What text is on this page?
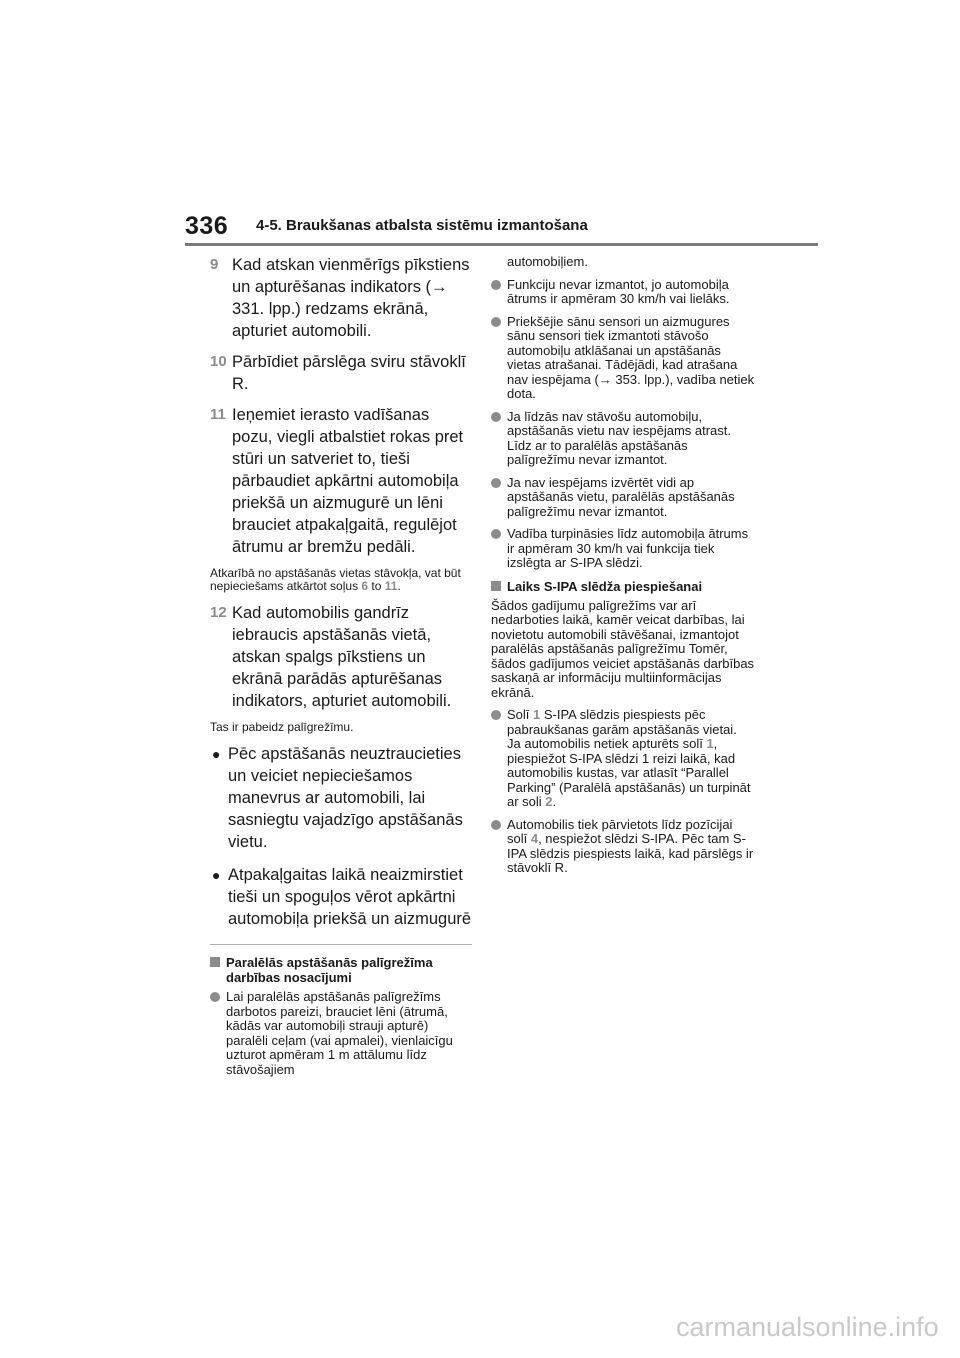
336 4-5. Braukšanas atbalsta sistēmu izmantošana
9 Kad atskan vienmērīgs pīkstiens un apturēšanas indikators (→ 331. lpp.) redzams ekrānā, apturiet automobili.
10 Pārbīdiet pārslēga sviru stāvoklī R.
11 Ieņemiet ierasto vadīšanas pozu, viegli atbalstiet rokas pret stūri un satveriet to, tieši pārbaudiet apkārtni automobiļa priekšā un aizmugurē un lēni brauciet atpakaļgaitā, regulējot ātrumu ar bremžu pedāli.
Atkarībā no apstāšanās vietas stāvokļa, vat būt nepieciešams atkārtot soļus 6 to 11.
12 Kad automobilis gandrīz iebraucis apstāšanās vietā, atskan spalgs pīkstiens un ekrānā parādās apturēšanas indikators, apturiet automobili.
Tas ir pabeidz palīgrežīmu.
● Pēc apstāšanās neuztraucieties un veiciet nepieciešamos manevrus ar automobili, lai sasniegtu vajadzīgo apstāšanās vietu.
● Atpakaļgaitas laikā neaizmirstiet tieši un spoguļos vērot apkārtni automobiļa priekšā un aizmugurē
Paralēlās apstāšanās palīgrežīma darbības nosacījumi
Lai paralēlās apstāšanās palīgrežīms darbotos pareizi, brauciet lēni (ātrumā, kādās var automobiļi strauji apturē) paralēli ceļam (vai apmalei), vienlaicīgu uzturot apmēram 1 m attālumu līdz stāvošajiem
automobiļiem.
Funkciju nevar izmantot, jo automobiļa ātrums ir apmēram 30 km/h vai lielāks.
Priekšējie sānu sensori un aizmugures sānu sensori tiek izmantoti stāvošo automobiļu atklāšanai un apstāšanās vietas atrašanai. Tādējādi, kad atrašana nav iespējama (→ 353. lpp.), vadība netiek dota.
Ja līdzās nav stāvošu automobiļu, apstāšanās vietu nav iespējams atrast. Līdz ar to paralēlās apstāšanās palīgrežīmu nevar izmantot.
Ja nav iespējams izvērtēt vidi ap apstāšanās vietu, paralēlās apstāšanās palīgrežīmu nevar izmantot.
Vadība turpināsies līdz automobiļa ātrums ir apmēram 30 km/h vai funkcija tiek izslēgta ar S-IPA slēdzi.
Laiks S-IPA slēdža piespiešanai
Šādos gadījumu palīgrežīms var arī nedarboties laikā, kamēr veicat darbības, lai novietotu automobili stāvēšanai, izmantojot paralēlās apstāšanās palīgrežīmu Tomēr, šādos gadījumos veiciet apstāšanās darbības saskaņā ar informāciju multiinformācijas ekrānā.
Solī 1 S-IPA slēdzis piespiests pēc pabraukšanas garām apstāšanās vietai.
Ja automobilis netiek apturēts solī 1, piespiežot S-IPA slēdzi 1 reizi laikā, kad automobilis kustas, var atlasīt “Parallel Parking” (Paralēlā apstāšanās) un turpināt ar soli 2.
Automobilis tiek pārvietots līdz pozīcijai solī 4, nespiežot slēdzi S-IPA. Pēc tam S-IPA slēdzis piespiests laikā, kad pārslēgs ir stāvoklī R.
carmanualsonline.info
